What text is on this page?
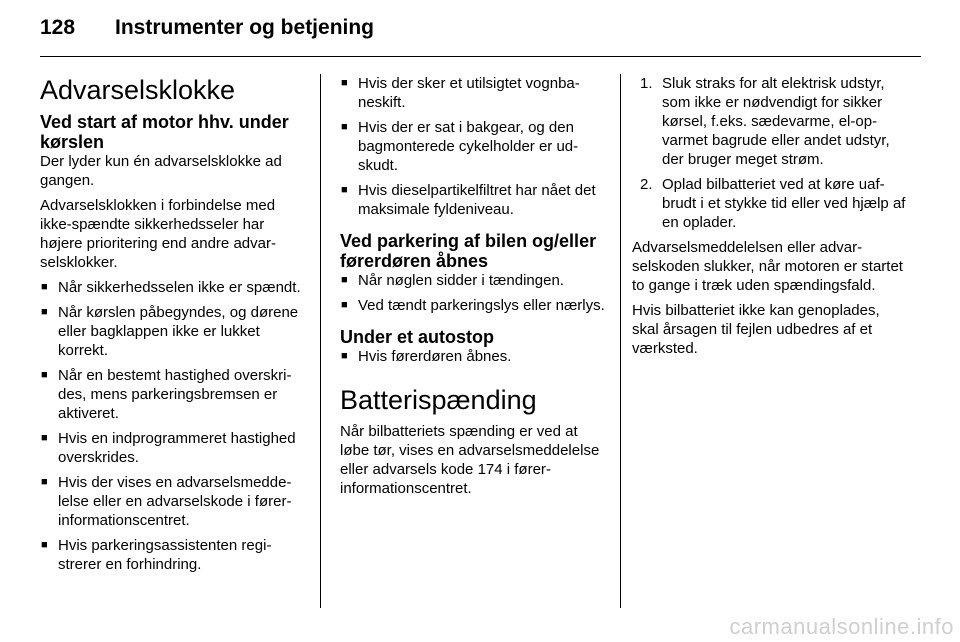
128 Instrumenter og betjening
Advarselsklokke
Ved start af motor hhv. under kørslen

Der lyder kun én advarselsklokke ad gangen.

Advarselsklokken i forbindelse med ikke-spændte sikkerhedsseler har højere prioritering end andre advarselsklokker.

■ Når sikkerhedsselen ikke er spændt.
■ Når kørslen påbegyndes, og dørene eller bagklappen ikke er lukket korrekt.
■ Når en bestemt hastighed overskrides, mens parkeringsbremsen er aktiveret.
■ Hvis en indprogrammeret hastighed overskrides.
■ Hvis der vises en advarselsmeddelelse eller en advarselskode i førerinformationscentret.
■ Hvis parkeringsassistenten registrerer en forhindring.
■ Hvis der sker et utilsigtet vognbaneskift.
■ Hvis der er sat i bakgear, og den bagmonterede cykelholder er udskudt.
■ Hvis dieselpartikelfiltret har nået det maksimale fyldeniveau.
Ved parkering af bilen og/eller førerdøren åbnes
■ Når nøglen sidder i tændingen.
■ Ved tændt parkeringslys eller nærlys.
Under et autostop
■ Hvis førerdøren åbnes.
Batterispænding

Når bilbatteriets spænding er ved at løbe tør, vises en advarselsmeddelelse eller advarsels kode 174 i førerinformationscentret.

1. Sluk straks for alt elektrisk udstyr, som ikke er nødvendigt for sikker kørsel, f.eks. sædevarme, el-opvarmet bagrude eller andet udstyr, der bruger meget strøm.
2. Oplad bilbatteriet ved at køre uafbrudt i et stykke tid eller ved hjælp af en oplader.

Advarselsmeddelelsen eller advarselskoden slukker, når motoren er startet to gange i træk uden spændingsfald.

Hvis bilbatteriet ikke kan genoplades, skal årsagen til fejlen udbedres af et værksted.

carmanualsonline.info
